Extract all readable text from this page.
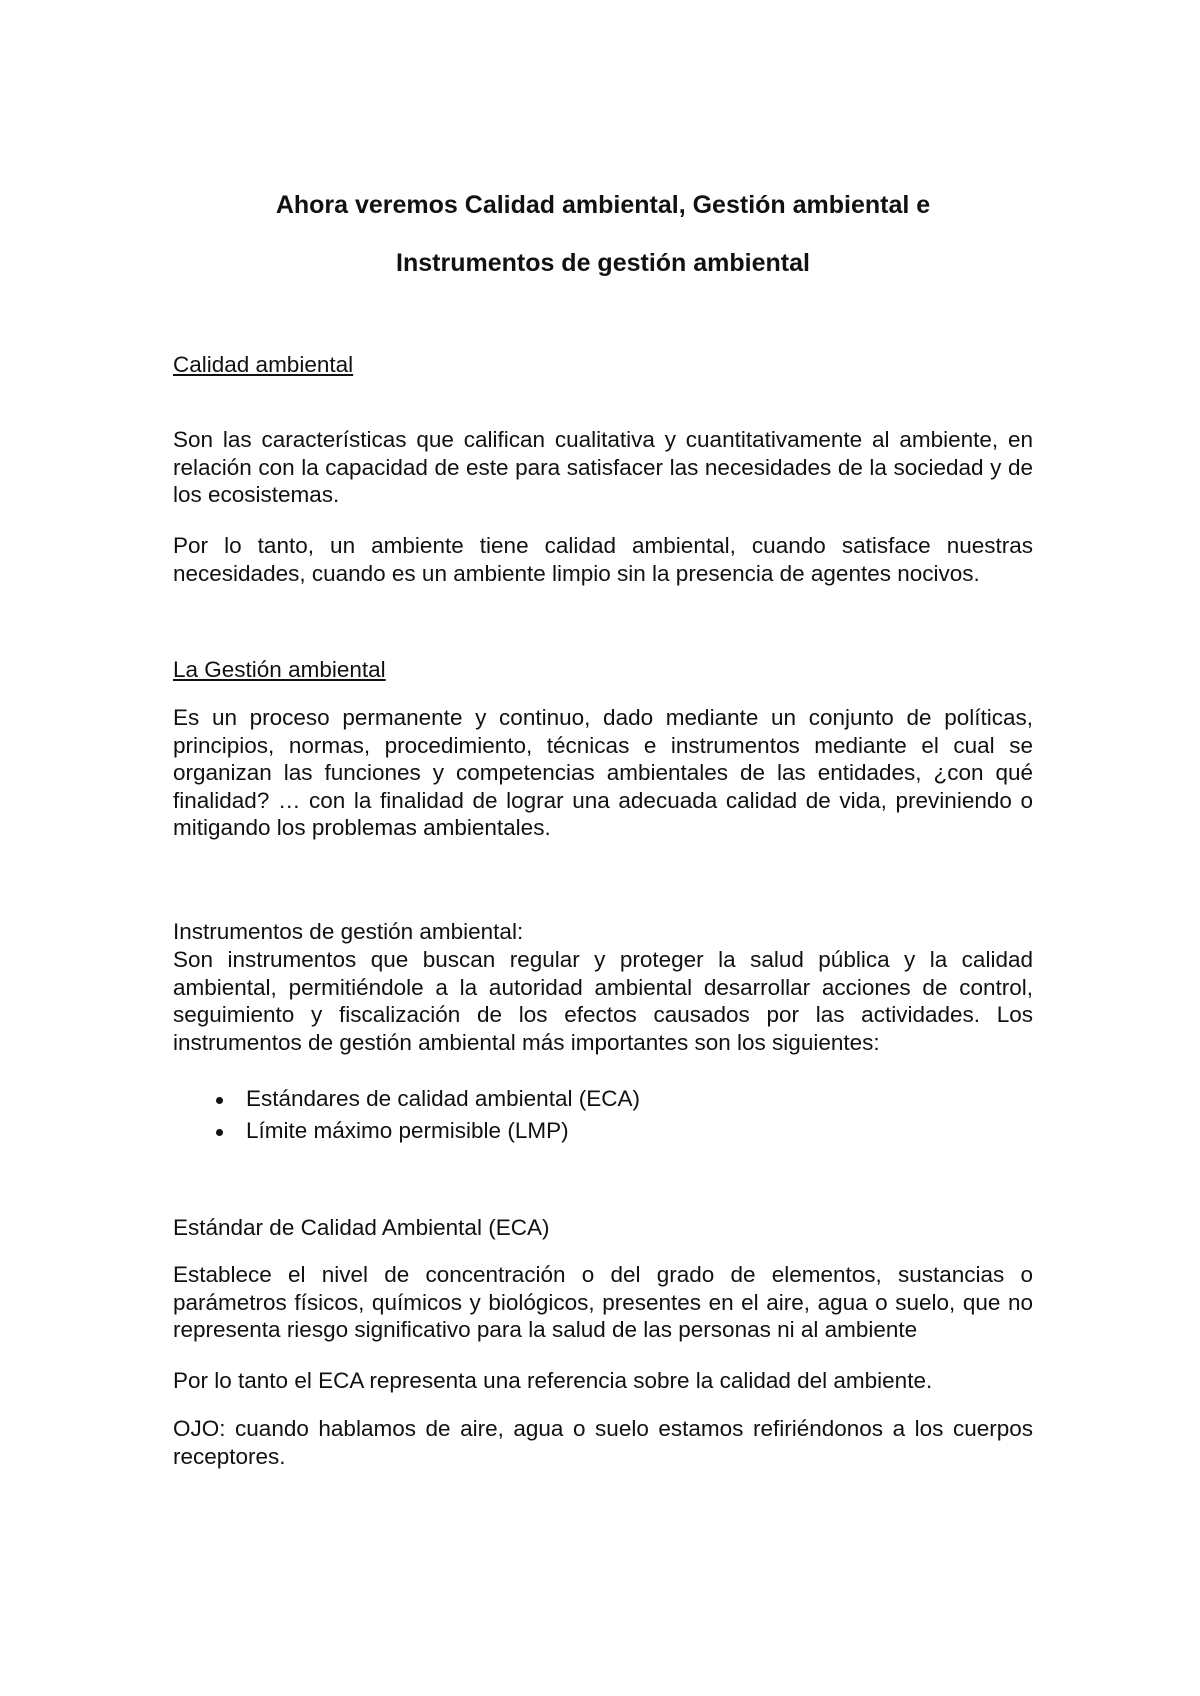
Ahora veremos Calidad ambiental, Gestión ambiental e
Instrumentos de gestión ambiental

Calidad ambiental

Son las características que califican cualitativa y cuantitativamente al ambiente, en relación con la capacidad de este para satisfacer las necesidades de la sociedad y de los ecosistemas.

Por lo tanto, un ambiente tiene calidad ambiental, cuando satisface nuestras necesidades, cuando es un ambiente limpio sin la presencia de agentes nocivos.

La Gestión ambiental

Es un proceso permanente y continuo, dado mediante un conjunto de políticas, principios, normas, procedimiento, técnicas e instrumentos mediante el cual se organizan las funciones y competencias ambientales de las entidades, ¿con qué finalidad? … con la finalidad de lograr una adecuada calidad de vida, previniendo o mitigando los problemas ambientales.

Instrumentos de gestión ambiental:

Son instrumentos que buscan regular y proteger la salud pública y la calidad ambiental, permitiéndole a la autoridad ambiental desarrollar acciones de control, seguimiento y fiscalización de los efectos causados por las actividades. Los instrumentos de gestión ambiental más importantes son los siguientes:

Estándares de calidad ambiental (ECA)
Límite máximo permisible (LMP)

Estándar de Calidad Ambiental (ECA)

Establece el nivel de concentración o del grado de elementos, sustancias o parámetros físicos, químicos y biológicos, presentes en el aire, agua o suelo, que no representa riesgo significativo para la salud de las personas ni al ambiente

Por lo tanto el ECA representa una referencia sobre la calidad del ambiente.

OJO: cuando hablamos de aire, agua o suelo estamos refiriéndonos a los cuerpos receptores.
